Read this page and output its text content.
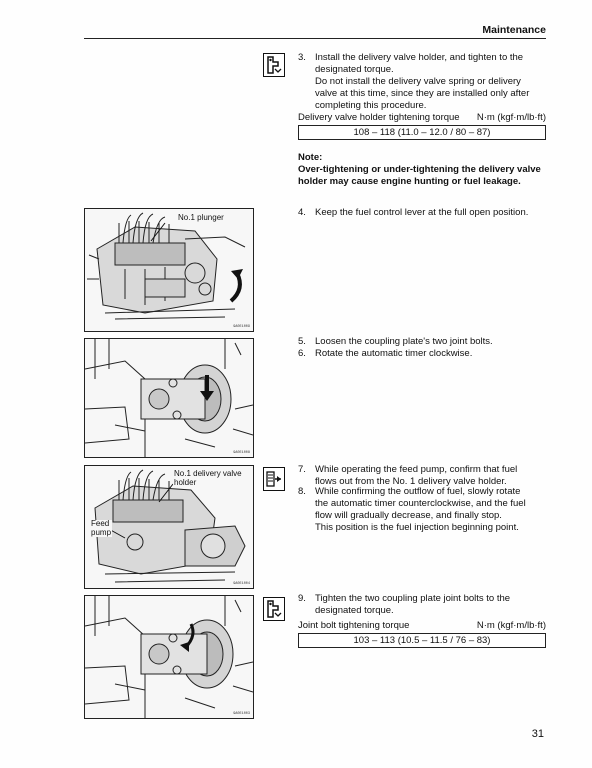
Maintenance
3. Install the delivery valve holder, and tighten to the
designated torque.
Do not install the delivery valve spring or delivery
valve at this time, since they are installed only after
completing this procedure.
Delivery valve holder tightening torque	N·m (kgf·m/lb·ft)
108 – 118 (11.0 – 12.0 / 80 – 87)
Note:
Over-tightening or under-tightening the delivery valve
holder may cause engine hunting or fuel leakage.
No.1 plunger
9A0E1009
4. Keep the fuel control lever at the full open position.
9A0E1008
5. Loosen the coupling plate's two joint bolts.
6. Rotate the automatic timer clockwise.
No.1 delivery valve
holder
Feed
pump
9A0E1004
7. While operating the feed pump, confirm that fuel
flows out from the No. 1 delivery valve holder.
8. While confirming the outflow of fuel, slowly rotate
the automatic timer counterclockwise, and the fuel
flow will gradually decrease, and finally stop.
This position is the fuel injection beginning point.
9A0E1003
9. Tighten the two coupling plate joint bolts to the
designated torque.
Joint bolt tightening torque	N·m (kgf·m/lb·ft)
103 – 113 (10.5 – 11.5 / 76 – 83)
31
